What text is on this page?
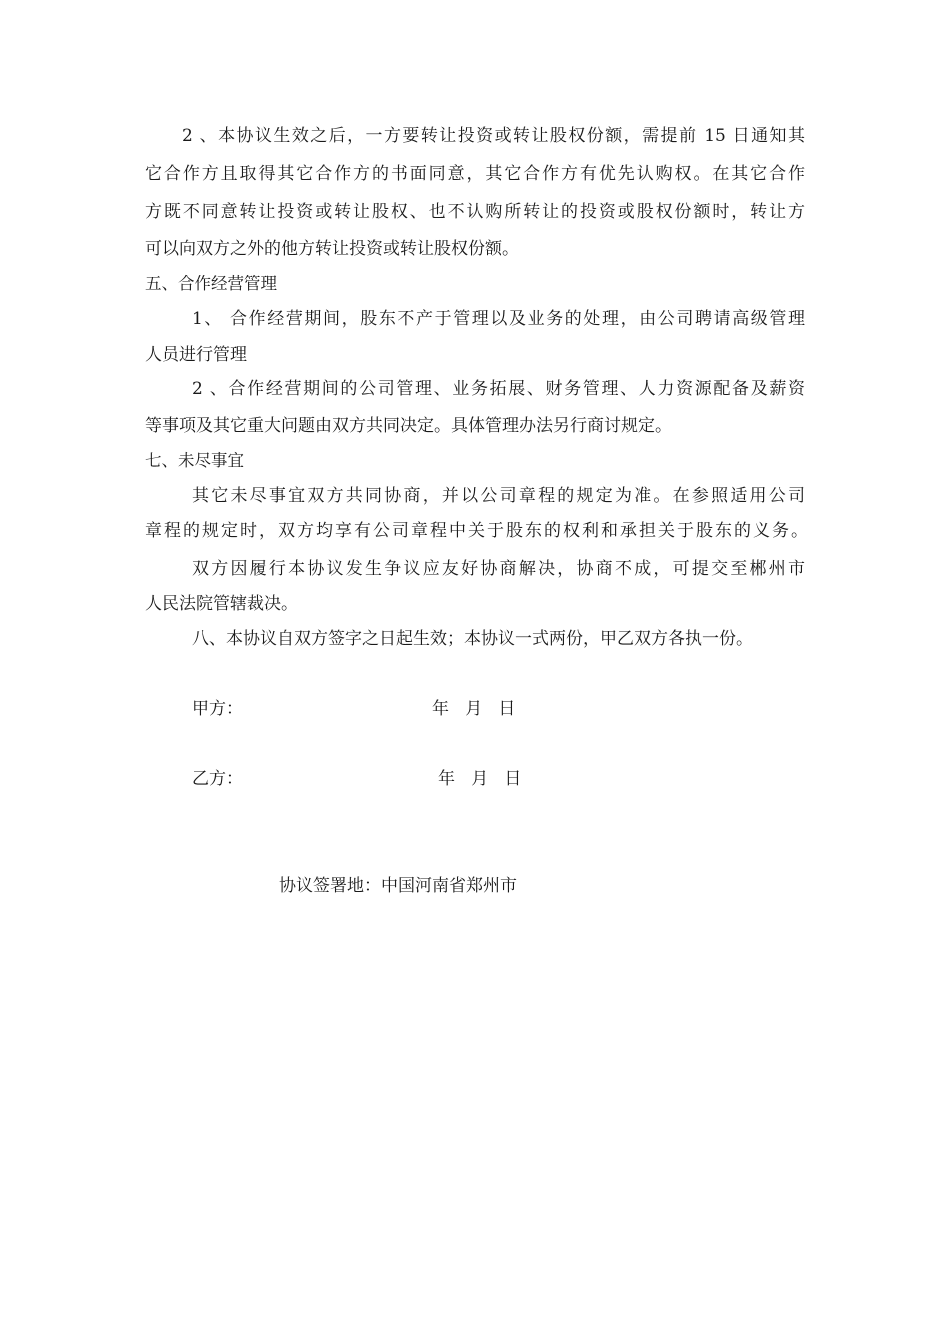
2 、本协议生效之后，一方要转让投资或转让股权份额，需提前 15 日通知其
它合作方且取得其它合作方的书面同意，其它合作方有优先认购权。在其它合作
方既不同意转让投资或转让股权、也不认购所转让的投资或股权份额时，转让方
可以向双方之外的他方转让投资或转让股权份额。
五、合作经营管理
1、 合作经营期间，股东不产于管理以及业务的处理，由公司聘请高级管理
人员进行管理
2 、合作经营期间的公司管理、业务拓展、财务管理、人力资源配备及薪资
等事项及其它重大问题由双方共同决定。具体管理办法另行商讨规定。
七、未尽事宜
其它未尽事宜双方共同协商，并以公司章程的规定为准。在参照适用公司
章程的规定时，双方均享有公司章程中关于股东的权利和承担关于股东的义务。
双方因履行本协议发生争议应友好协商解决，协商不成，可提交至郴州市
人民法院管辖裁决。
八、本协议自双方签字之日起生效；本协议一式两份，甲乙双方各执一份。
甲方：	年   月   日
乙方：	年   月   日
协议签署地：中国河南省郑州市
